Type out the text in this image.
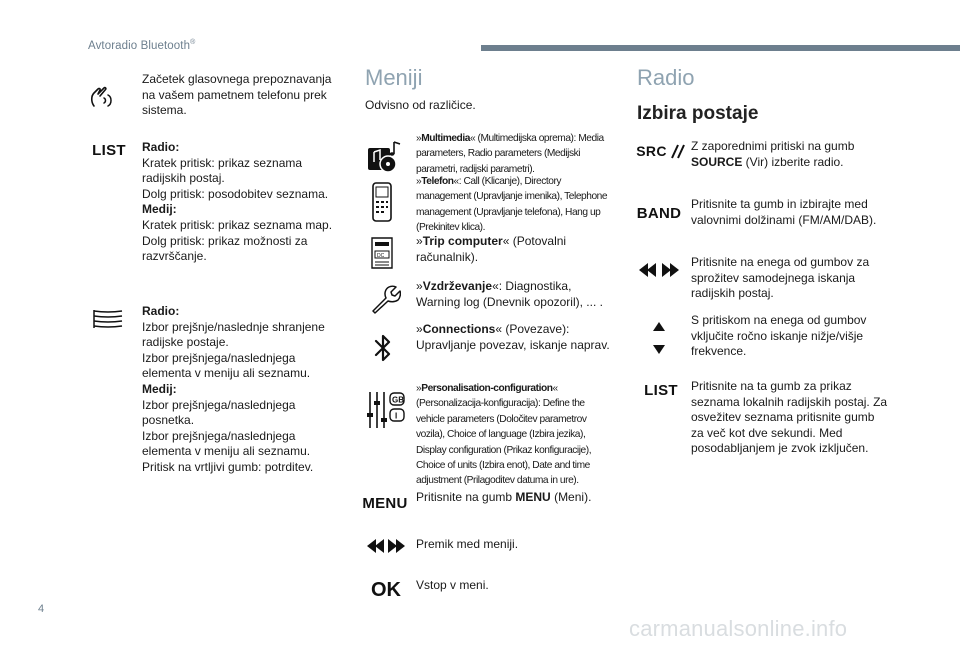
Avtoradio Bluetooth®
Začetek glasovnega prepoznavanja na vašem pametnem telefonu prek sistema.
LIST	Radio:
Kratek pritisk: prikaz seznama radijskih postaj.
Dolg pritisk: posodobitev seznama.
Medij:
Kratek pritisk: prikaz seznama map.
Dolg pritisk: prikaz možnosti za razvrščanje.
Radio:
Izbor prejšnje/naslednje shranjene radijske postaje.
Izbor prejšnjega/naslednjega elementa v meniju ali seznamu.
Medij:
Izbor prejšnjega/naslednjega posnetka.
Izbor prejšnjega/naslednjega elementa v meniju ali seznamu.
Pritisk na vrtljivi gumb: potrditev.
Meniji
Odvisno od različice.
»Multimedia« (Multimedijska oprema): Media parameters, Radio parameters (Medijski parametri, radijski parametri).
»Telefon«: Call (Klicanje), Directory management (Upravljanje imenika), Telephone management (Upravljanje telefona), Hang up (Prekinitev klica).
DC
»Trip computer« (Potovalni računalnik).
»Vzdrževanje«: Diagnostika, Warning log (Dnevnik opozoril), ... .
»Connections« (Povezave): Upravljanje povezav, iskanje naprav.
GB
I
»Personalisation-configuration« (Personalizacija-konfiguracija): Define the vehicle parameters (Določitev parametrov vozila), Choice of language (Izbira jezika), Display configuration (Prikaz konfiguracije), Choice of units (Izbira enot), Date and time adjustment (Prilagoditev datuma in ure).
MENU Pritisnite na gumb MENU (Meni).
Premik med meniji.
OK	Vstop v meni.
Radio
Izbira postaje
SRC Z zaporednimi pritiski na gumb SOURCE (Vir) izberite radio.
BAND
Pritisnite ta gumb in izbirajte med valovnimi dolžinami (FM/AM/DAB).
Pritisnite na enega od gumbov za sprožitev samodejnega iskanja radijskih postaj.
S pritiskom na enega od gumbov vključite ročno iskanje nižje/višje frekvence.
LIST	Pritisnite na ta gumb za prikaz seznama lokalnih radijskih postaj. Za osvežitev seznama pritisnite gumb za več kot dve sekundi. Med posodabljanjem je zvok izključen.
4
carmanualsonline.info
